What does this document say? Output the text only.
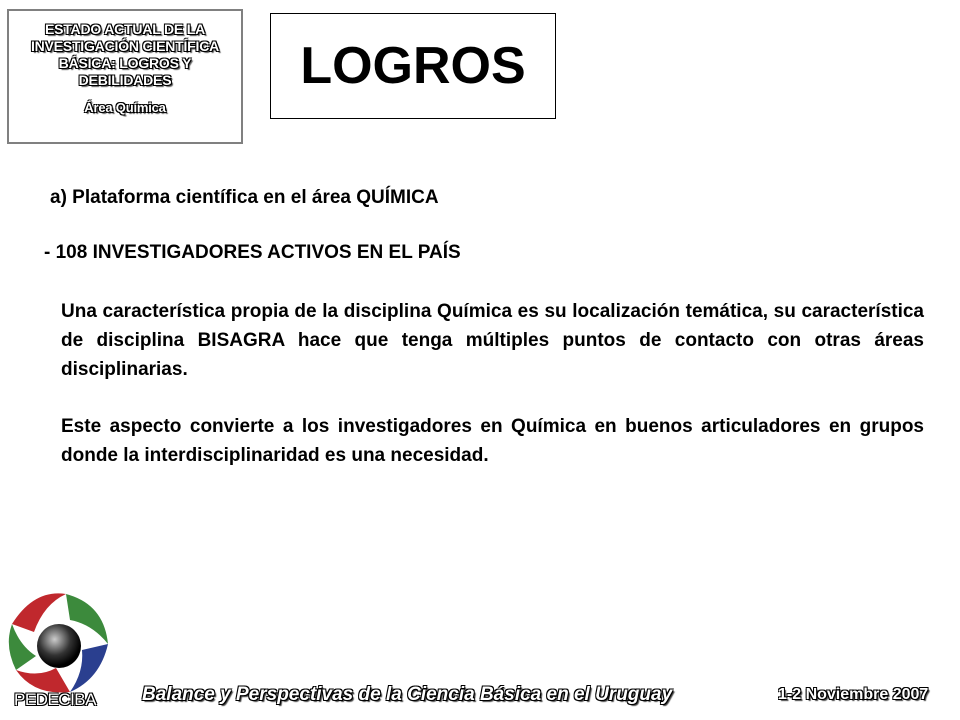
ESTADO ACTUAL DE LA
INVESTIGACIÓN CIENTÍFICA
BÁSICA: LOGROS Y
DEBILIDADES
Área Química
LOGROS
a) Plataforma científica en el área QUÍMICA
- 108 INVESTIGADORES ACTIVOS EN EL PAÍS
Una característica propia de la disciplina Química es su localización temática, su característica de disciplina BISAGRA hace que tenga múltiples puntos de contacto con otras áreas disciplinarias.
Este aspecto convierte a los investigadores en Química en buenos articuladores en grupos donde la interdisciplinaridad es una necesidad.
PEDECIBA Balance y Perspectivas de la Ciencia Básica en el Uruguay	1-2 Noviembre 2007
